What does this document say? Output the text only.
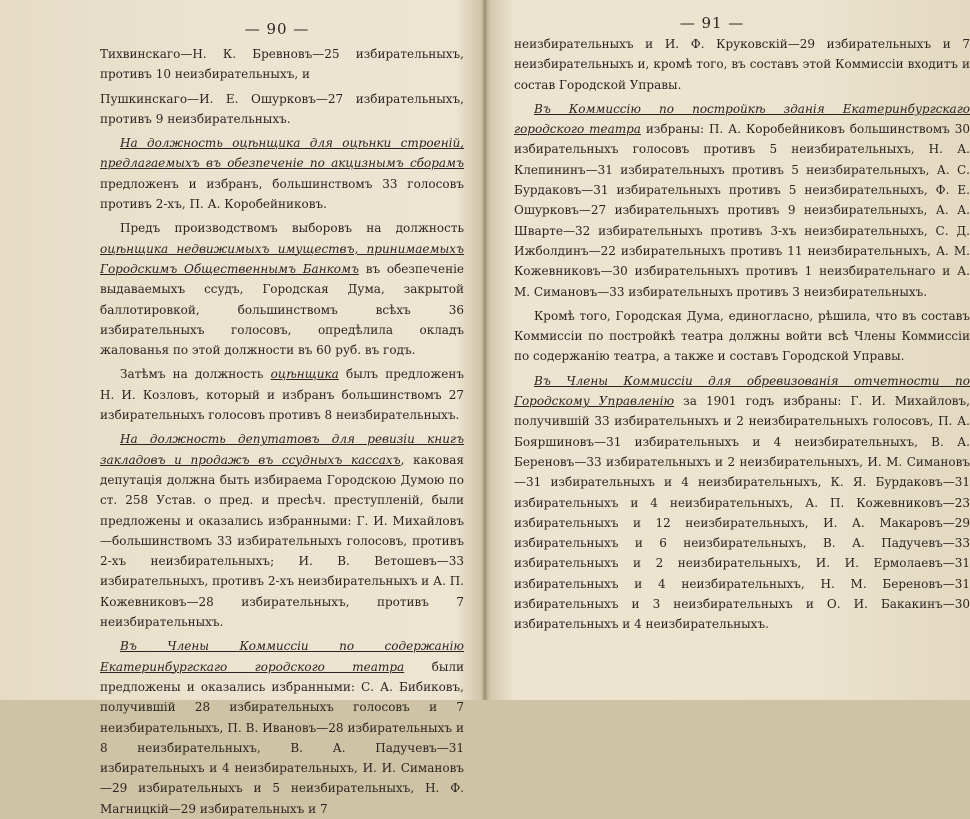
— 90 —

Тихвинскаго—Н. К. Бревновъ—25 избирательныхъ, противъ 10 неизбирательныхъ, и

Пушкинскаго—И. Е. Ошурковъ—27 избирательныхъ, противъ 9 неизбирательныхъ.

На должность оцѣнщика для оцѣнки строеній, предлагаемыхъ въ обезпеченіе по акцизнымъ сборамъ предложенъ и избранъ, большинствомъ 33 голосовъ противъ 2-хъ, П. А. Коробейниковъ.

Предъ производствомъ выборовъ на должность оцѣнщика недвижимыхъ имуществъ, принимаемыхъ Городскимъ Общественнымъ Банкомъ въ обезпеченіе выдаваемыхъ ссудъ, Городская Дума, закрытой баллотировкой, большинствомъ всѣхъ 36 избирательныхъ голосовъ, опредѣлила окладъ жалованья по этой должности въ 60 руб. въ годъ.

Затѣмъ на должность оцѣнщика былъ предложенъ Н. И. Козловъ, который и избранъ большинствомъ 27 избирательныхъ голосовъ противъ 8 неизбирательныхъ.

На должность депутатовъ для ревизіи книгъ закладовъ и продажъ въ ссудныхъ кассахъ, каковая депутація должна быть избираема Городскою Думою по ст. 258 Устав. о пред. и пресѣч. преступленій, были предложены и оказались избранными: Г. И. Михайловъ—большинствомъ 33 избирательныхъ голосовъ, противъ 2-хъ неизбирательныхъ; И. В. Ветошевъ—33 избирательныхъ, противъ 2-хъ неизбирательныхъ и А. П. Кожевниковъ—28 избирательныхъ, противъ 7 неизбирательныхъ.

Въ Члены Коммиссіи по содержанію Екатеринбургскаго городского театра были предложены и оказались избранными: С. А. Бибиковъ, получившій 28 избирательныхъ голосовъ и 7 неизбирательныхъ, П. В. Ивановъ—28 избирательныхъ и 8 неизбирательныхъ, В. А. Падучевъ—31 избирательныхъ и 4 неизбирательныхъ, И. И. Симановъ—29 избирательныхъ и 5 неизбирательныхъ, Н. Ф. Магницкій—29 избирательныхъ и 7

— 91 —

неизбирательныхъ и И. Ф. Круковскій—29 избирательныхъ и 7 неизбирательныхъ и, кромѣ того, въ составъ этой Коммиссіи входитъ и состав Городской Управы.

Въ Коммиссію по постройкѣ зданія Екатеринбургскаго городского театра избраны: П. А. Коробейниковъ большинствомъ 30 избирательныхъ голосовъ противъ 5 неизбирательныхъ, Н. А. Клепининъ—31 избирательныхъ противъ 5 неизбирательныхъ, А. С. Бурдаковъ—31 избирательныхъ противъ 5 неизбирательныхъ, Ф. Е. Ошурковъ—27 избирательныхъ противъ 9 неизбирательныхъ, А. А. Шварте—32 избирательныхъ противъ 3-хъ неизбирательныхъ, С. Д. Ижболдинъ—22 избирательныхъ противъ 11 неизбирательныхъ, А. М. Кожевниковъ—30 избирательныхъ противъ 1 неизбирательнаго и А. М. Симановъ—33 избирательныхъ противъ 3 неизбирательныхъ.

Кромѣ того, Городская Дума, единогласно, рѣшила, что въ составъ Коммиссіи по постройкѣ театра должны войти всѣ Члены Коммиссіи по содержанію театра, а также и составъ Городской Управы.

Въ Члены Коммиссіи для обревизованія отчетности по Городскому Управленію за 1901 годъ избраны: Г. И. Михайловъ, получившій 33 избирательныхъ и 2 неизбирательныхъ голосовъ, П. А. Бояршиновъ—31 избирательныхъ и 4 неизбирательныхъ, В. А. Береновъ—33 избирательныхъ и 2 неизбирательныхъ, И. М. Симановъ—31 избирательныхъ и 4 неизбирательныхъ, К. Я. Бурдаковъ—31 избирательныхъ и 4 неизбирательныхъ, А. П. Кожевниковъ—23 избирательныхъ и 12 неизбирательныхъ, И. А. Макаровъ—29 избирательныхъ и 6 неизбирательныхъ, В. А. Падучевъ—33 избирательныхъ и 2 неизбирательныхъ, И. И. Ермолаевъ—31 избирательныхъ и 4 неизбирательныхъ, Н. М. Береновъ—31 избирательныхъ и 3 неизбирательныхъ и О. И. Бакакинъ—30 избирательныхъ и 4 неизбирательныхъ.
